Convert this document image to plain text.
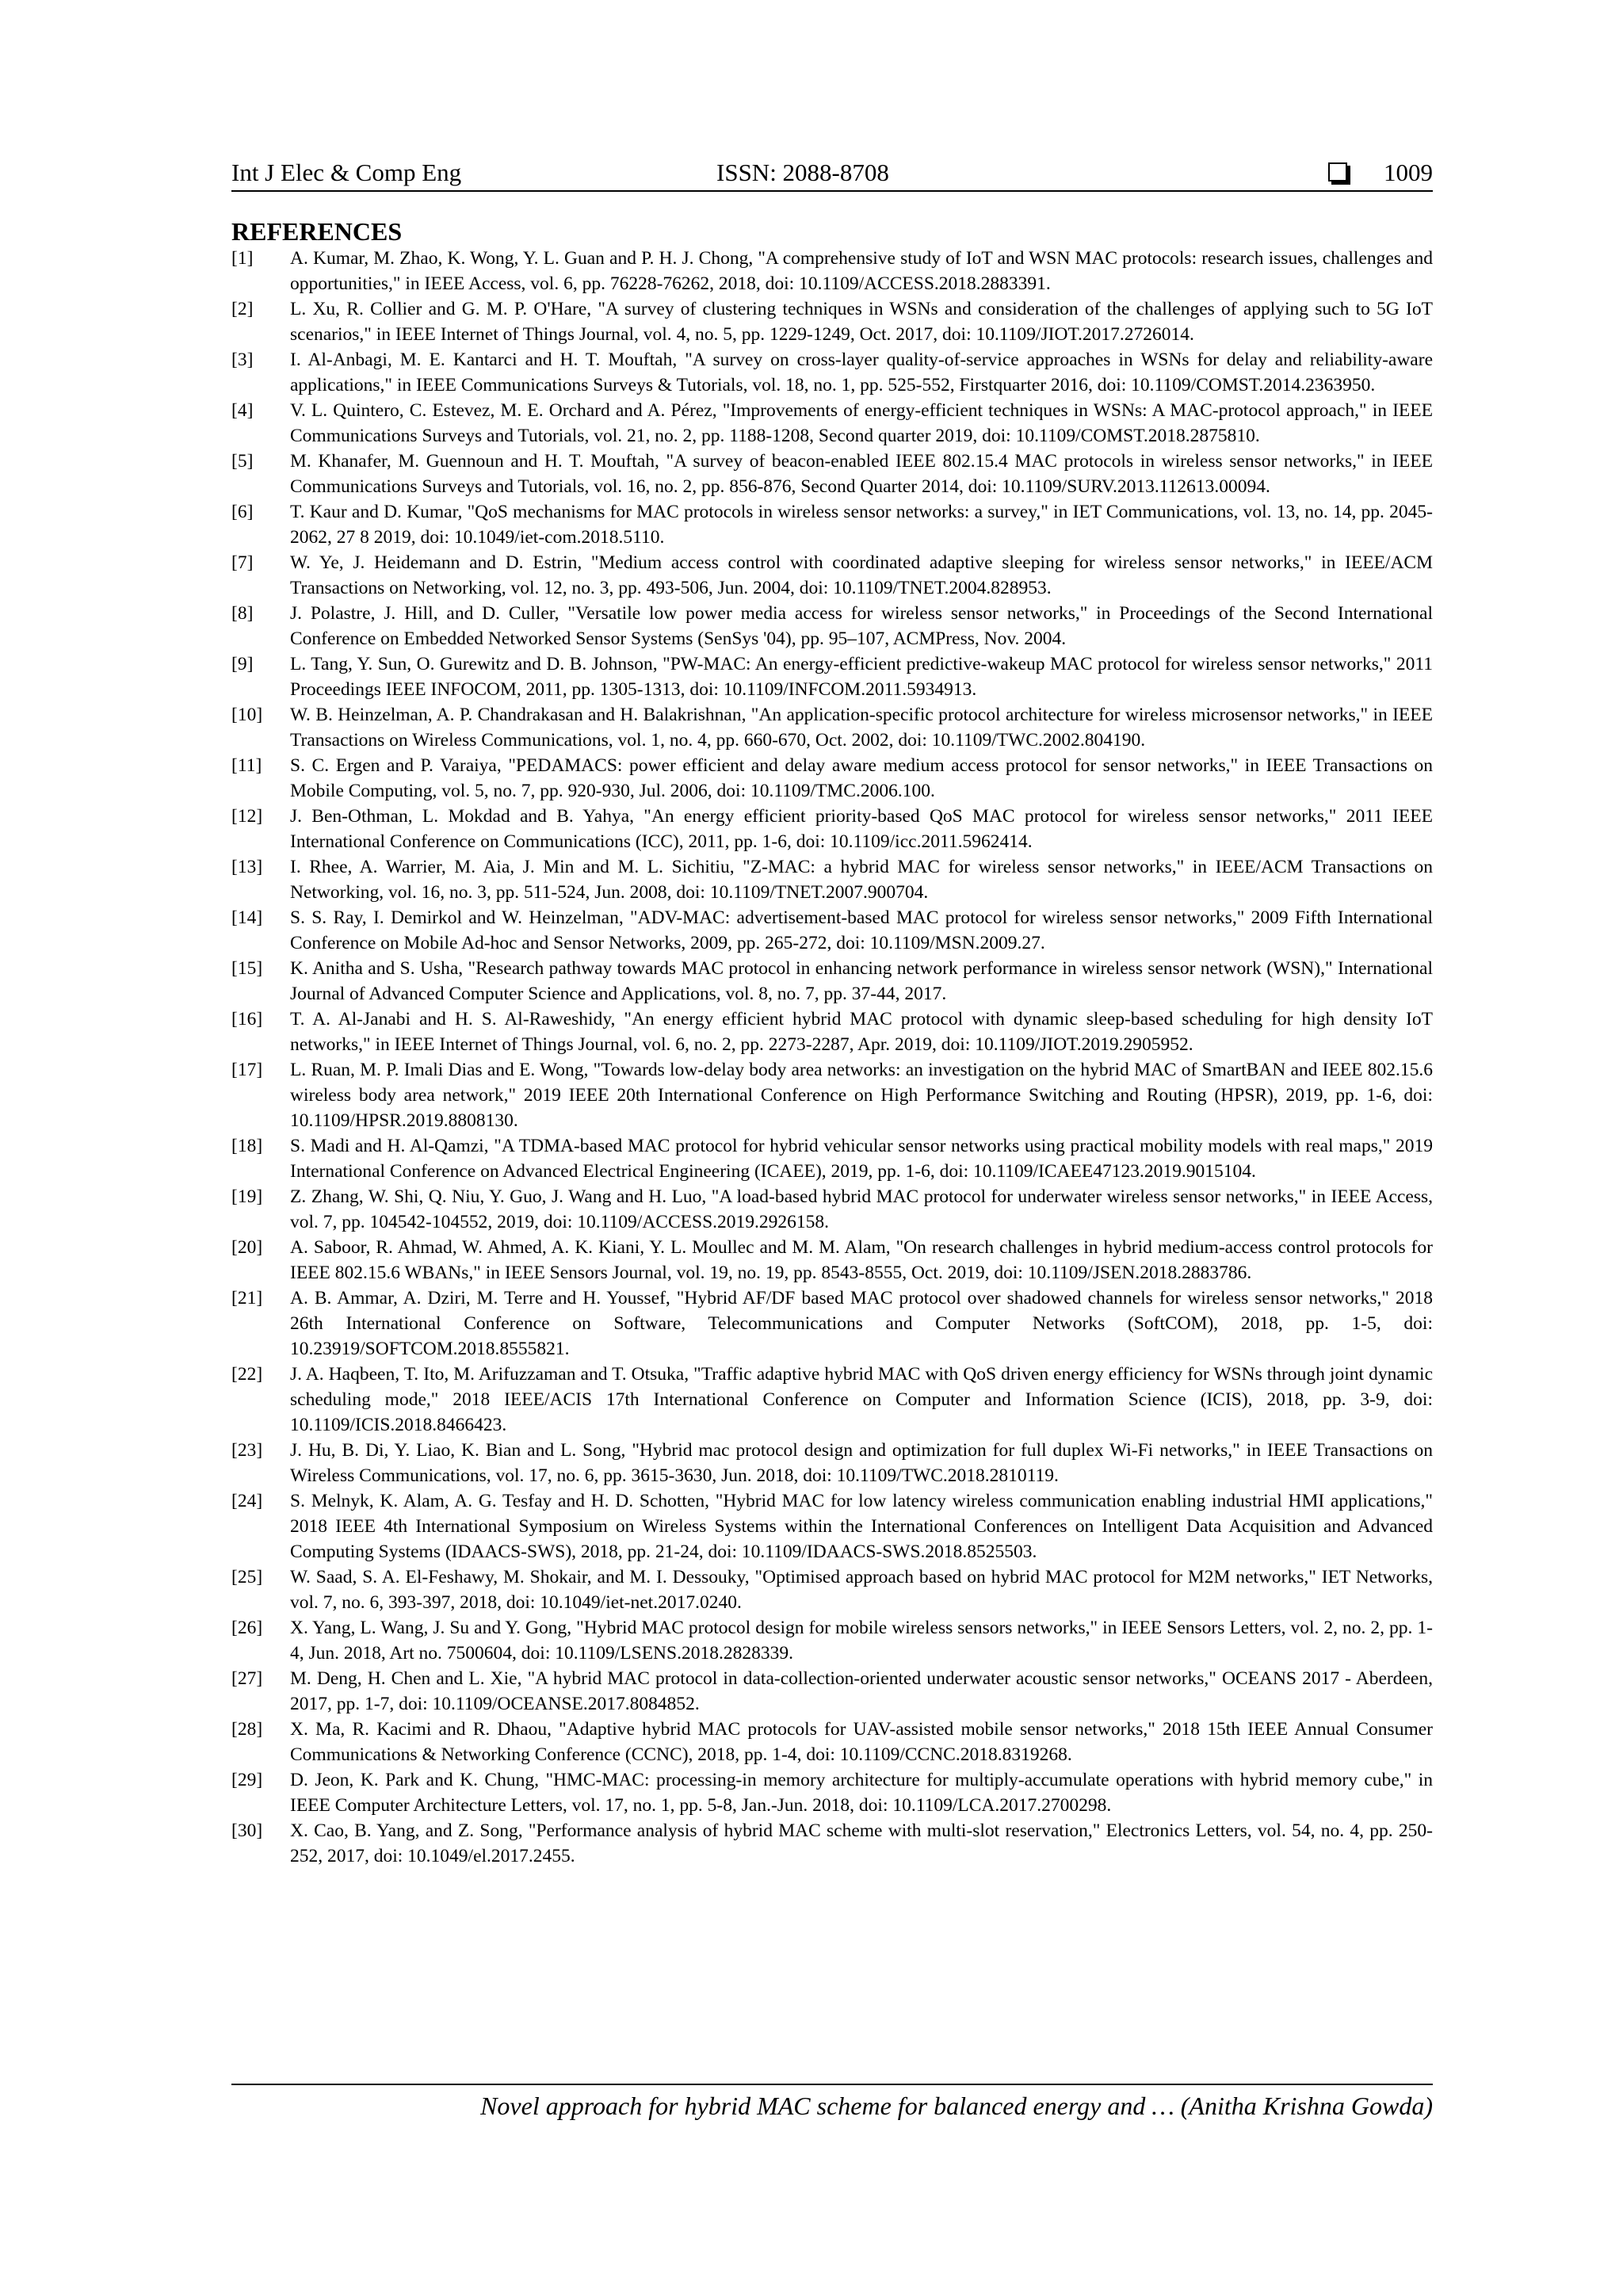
Int J Elec & Comp Eng	ISSN: 2088-8708	1009
REFERENCES
[1]	A. Kumar, M. Zhao, K. Wong, Y. L. Guan and P. H. J. Chong, "A comprehensive study of IoT and WSN MAC protocols: research issues, challenges and opportunities," in IEEE Access, vol. 6, pp. 76228-76262, 2018, doi: 10.1109/ACCESS.2018.2883391.
[2]	L. Xu, R. Collier and G. M. P. O'Hare, "A survey of clustering techniques in WSNs and consideration of the challenges of applying such to 5G IoT scenarios," in IEEE Internet of Things Journal, vol. 4, no. 5, pp. 1229-1249, Oct. 2017, doi: 10.1109/JIOT.2017.2726014.
[3]	I. Al-Anbagi, M. E. Kantarci and H. T. Mouftah, "A survey on cross-layer quality-of-service approaches in WSNs for delay and reliability-aware applications," in IEEE Communications Surveys & Tutorials, vol. 18, no. 1, pp. 525-552, Firstquarter 2016, doi: 10.1109/COMST.2014.2363950.
[4]	V. L. Quintero, C. Estevez, M. E. Orchard and A. Pérez, "Improvements of energy-efficient techniques in WSNs: A MAC-protocol approach," in IEEE Communications Surveys and Tutorials, vol. 21, no. 2, pp. 1188-1208, Second quarter 2019, doi: 10.1109/COMST.2018.2875810.
[5]	M. Khanafer, M. Guennoun and H. T. Mouftah, "A survey of beacon-enabled IEEE 802.15.4 MAC protocols in wireless sensor networks," in IEEE Communications Surveys and Tutorials, vol. 16, no. 2, pp. 856-876, Second Quarter 2014, doi: 10.1109/SURV.2013.112613.00094.
[6]	T. Kaur and D. Kumar, "QoS mechanisms for MAC protocols in wireless sensor networks: a survey," in IET Communications, vol. 13, no. 14, pp. 2045-2062, 27 8 2019, doi: 10.1049/iet-com.2018.5110.
[7]	W. Ye, J. Heidemann and D. Estrin, "Medium access control with coordinated adaptive sleeping for wireless sensor networks," in IEEE/ACM Transactions on Networking, vol. 12, no. 3, pp. 493-506, Jun. 2004, doi: 10.1109/TNET.2004.828953.
[8]	J. Polastre, J. Hill, and D. Culler, "Versatile low power media access for wireless sensor networks," in Proceedings of the Second International Conference on Embedded Networked Sensor Systems (SenSys '04), pp. 95–107, ACMPress, Nov. 2004.
[9]	L. Tang, Y. Sun, O. Gurewitz and D. B. Johnson, "PW-MAC: An energy-efficient predictive-wakeup MAC protocol for wireless sensor networks," 2011 Proceedings IEEE INFOCOM, 2011, pp. 1305-1313, doi: 10.1109/INFCOM.2011.5934913.
[10]	W. B. Heinzelman, A. P. Chandrakasan and H. Balakrishnan, "An application-specific protocol architecture for wireless microsensor networks," in IEEE Transactions on Wireless Communications, vol. 1, no. 4, pp. 660-670, Oct. 2002, doi: 10.1109/TWC.2002.804190.
[11]	S. C. Ergen and P. Varaiya, "PEDAMACS: power efficient and delay aware medium access protocol for sensor networks," in IEEE Transactions on Mobile Computing, vol. 5, no. 7, pp. 920-930, Jul. 2006, doi: 10.1109/TMC.2006.100.
[12]	J. Ben-Othman, L. Mokdad and B. Yahya, "An energy efficient priority-based QoS MAC protocol for wireless sensor networks," 2011 IEEE International Conference on Communications (ICC), 2011, pp. 1-6, doi: 10.1109/icc.2011.5962414.
[13]	I. Rhee, A. Warrier, M. Aia, J. Min and M. L. Sichitiu, "Z-MAC: a hybrid MAC for wireless sensor networks," in IEEE/ACM Transactions on Networking, vol. 16, no. 3, pp. 511-524, Jun. 2008, doi: 10.1109/TNET.2007.900704.
[14]	S. S. Ray, I. Demirkol and W. Heinzelman, "ADV-MAC: advertisement-based MAC protocol for wireless sensor networks," 2009 Fifth International Conference on Mobile Ad-hoc and Sensor Networks, 2009, pp. 265-272, doi: 10.1109/MSN.2009.27.
[15]	K. Anitha and S. Usha, "Research pathway towards MAC protocol in enhancing network performance in wireless sensor network (WSN)," International Journal of Advanced Computer Science and Applications, vol. 8, no. 7, pp. 37-44, 2017.
[16]	T. A. Al-Janabi and H. S. Al-Raweshidy, "An energy efficient hybrid MAC protocol with dynamic sleep-based scheduling for high density IoT networks," in IEEE Internet of Things Journal, vol. 6, no. 2, pp. 2273-2287, Apr. 2019, doi: 10.1109/JIOT.2019.2905952.
[17]	L. Ruan, M. P. Imali Dias and E. Wong, "Towards low-delay body area networks: an investigation on the hybrid MAC of SmartBAN and IEEE 802.15.6 wireless body area network," 2019 IEEE 20th International Conference on High Performance Switching and Routing (HPSR), 2019, pp. 1-6, doi: 10.1109/HPSR.2019.8808130.
[18]	S. Madi and H. Al-Qamzi, "A TDMA-based MAC protocol for hybrid vehicular sensor networks using practical mobility models with real maps," 2019 International Conference on Advanced Electrical Engineering (ICAEE), 2019, pp. 1-6, doi: 10.1109/ICAEE47123.2019.9015104.
[19]	Z. Zhang, W. Shi, Q. Niu, Y. Guo, J. Wang and H. Luo, "A load-based hybrid MAC protocol for underwater wireless sensor networks," in IEEE Access, vol. 7, pp. 104542-104552, 2019, doi: 10.1109/ACCESS.2019.2926158.
[20]	A. Saboor, R. Ahmad, W. Ahmed, A. K. Kiani, Y. L. Moullec and M. M. Alam, "On research challenges in hybrid medium-access control protocols for IEEE 802.15.6 WBANs," in IEEE Sensors Journal, vol. 19, no. 19, pp. 8543-8555, Oct. 2019, doi: 10.1109/JSEN.2018.2883786.
[21]	A. B. Ammar, A. Dziri, M. Terre and H. Youssef, "Hybrid AF/DF based MAC protocol over shadowed channels for wireless sensor networks," 2018 26th International Conference on Software, Telecommunications and Computer Networks (SoftCOM), 2018, pp. 1-5, doi: 10.23919/SOFTCOM.2018.8555821.
[22]	J. A. Haqbeen, T. Ito, M. Arifuzzaman and T. Otsuka, "Traffic adaptive hybrid MAC with QoS driven energy efficiency for WSNs through joint dynamic scheduling mode," 2018 IEEE/ACIS 17th International Conference on Computer and Information Science (ICIS), 2018, pp. 3-9, doi: 10.1109/ICIS.2018.8466423.
[23]	J. Hu, B. Di, Y. Liao, K. Bian and L. Song, "Hybrid mac protocol design and optimization for full duplex Wi-Fi networks," in IEEE Transactions on Wireless Communications, vol. 17, no. 6, pp. 3615-3630, Jun. 2018, doi: 10.1109/TWC.2018.2810119.
[24]	S. Melnyk, K. Alam, A. G. Tesfay and H. D. Schotten, "Hybrid MAC for low latency wireless communication enabling industrial HMI applications," 2018 IEEE 4th International Symposium on Wireless Systems within the International Conferences on Intelligent Data Acquisition and Advanced Computing Systems (IDAACS-SWS), 2018, pp. 21-24, doi: 10.1109/IDAACS-SWS.2018.8525503.
[25]	W. Saad, S. A. El-Feshawy, M. Shokair, and M. I. Dessouky, "Optimised approach based on hybrid MAC protocol for M2M networks," IET Networks, vol. 7, no. 6, 393-397, 2018, doi: 10.1049/iet-net.2017.0240.
[26]	X. Yang, L. Wang, J. Su and Y. Gong, "Hybrid MAC protocol design for mobile wireless sensors networks," in IEEE Sensors Letters, vol. 2, no. 2, pp. 1-4, Jun. 2018, Art no. 7500604, doi: 10.1109/LSENS.2018.2828339.
[27]	M. Deng, H. Chen and L. Xie, "A hybrid MAC protocol in data-collection-oriented underwater acoustic sensor networks," OCEANS 2017 - Aberdeen, 2017, pp. 1-7, doi: 10.1109/OCEANSE.2017.8084852.
[28]	X. Ma, R. Kacimi and R. Dhaou, "Adaptive hybrid MAC protocols for UAV-assisted mobile sensor networks," 2018 15th IEEE Annual Consumer Communications & Networking Conference (CCNC), 2018, pp. 1-4, doi: 10.1109/CCNC.2018.8319268.
[29]	D. Jeon, K. Park and K. Chung, "HMC-MAC: processing-in memory architecture for multiply-accumulate operations with hybrid memory cube," in IEEE Computer Architecture Letters, vol. 17, no. 1, pp. 5-8, Jan.-Jun. 2018, doi: 10.1109/LCA.2017.2700298.
[30]	X. Cao, B. Yang, and Z. Song, "Performance analysis of hybrid MAC scheme with multi-slot reservation," Electronics Letters, vol. 54, no. 4, pp. 250-252, 2017, doi: 10.1049/el.2017.2455.
Novel approach for hybrid MAC scheme for balanced energy and … (Anitha Krishna Gowda)
